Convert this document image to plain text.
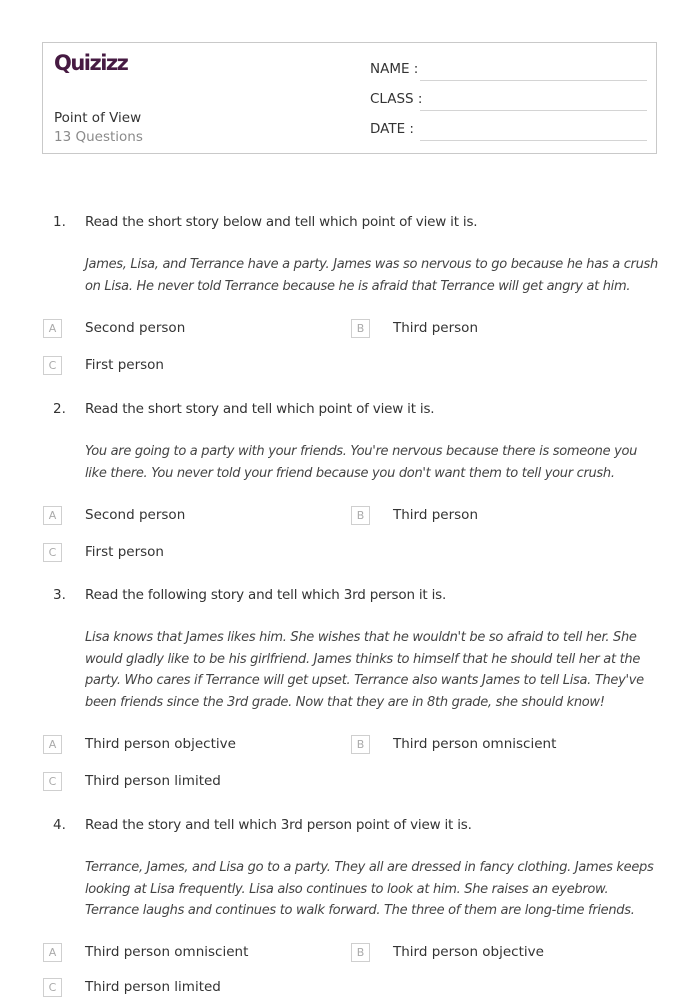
Quizizz
Point of View
13 Questions
NAME :
CLASS :
DATE :
1. Read the short story below and tell which point of view it is.
James, Lisa, and Terrance have a party. James was so nervous to go because he has a crush on Lisa. He never told Terrance because he is afraid that Terrance will get angry at him.
A	Second person	B	Third person
C	First person
2. Read the short story and tell which point of view it is.
You are going to a party with your friends. You're nervous because there is someone you like there. You never told your friend because you don't want them to tell your crush.
A	Second person	B	Third person
C	First person
3. Read the following story and tell which 3rd person it is.
Lisa knows that James likes him. She wishes that he wouldn't be so afraid to tell her. She would gladly like to be his girlfriend. James thinks to himself that he should tell her at the party. Who cares if Terrance will get upset. Terrance also wants James to tell Lisa. They've been friends since the 3rd grade. Now that they are in 8th grade, she should know!
A	Third person objective	B	Third person omniscient
C	Third person limited
4. Read the story and tell which 3rd person point of view it is.
Terrance, James, and Lisa go to a party. They all are dressed in fancy clothing. James keeps looking at Lisa frequently. Lisa also continues to look at him. She raises an eyebrow. Terrance laughs and continues to walk forward. The three of them are long-time friends.
A	Third person omniscient	B	Third person objective
C	Third person limited
